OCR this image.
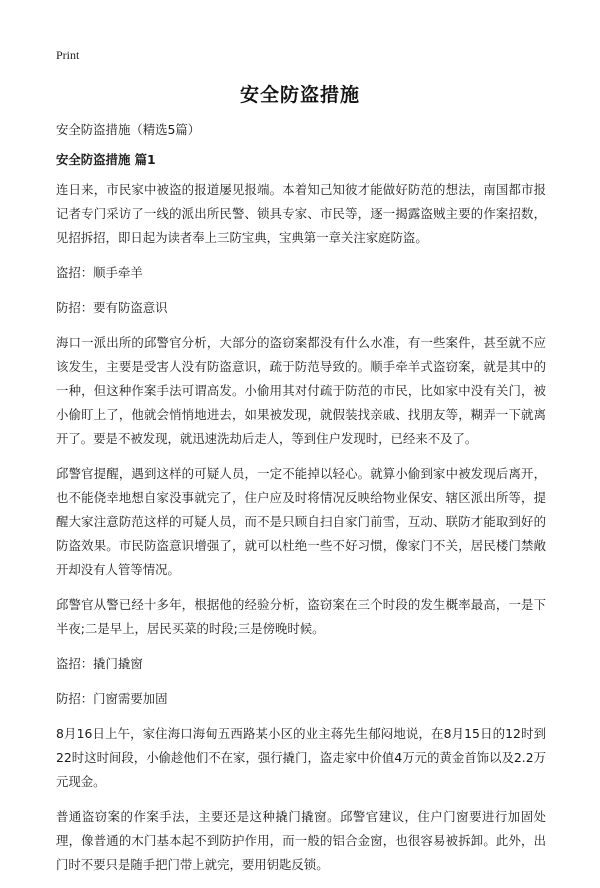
Print
安全防盗措施
安全防盗措施（精选5篇）
安全防盗措施 篇1
连日来，市民家中被盗的报道屡见报端。本着知己知彼才能做好防范的想法，南国都市报记者专门采访了一线的派出所民警、锁具专家、市民等，逐一揭露盗贼主要的作案招数，见招拆招，即日起为读者奉上三防宝典，宝典第一章关注家庭防盗。
盗招：顺手牵羊
防招：要有防盗意识
海口一派出所的邱警官分析，大部分的盗窃案都没有什么水准，有一些案件，甚至就不应该发生，主要是受害人没有防盗意识，疏于防范导致的。顺手牵羊式盗窃案，就是其中的一种，但这种作案手法可谓高发。小偷用其对付疏于防范的市民，比如家中没有关门，被小偷盯上了，他就会悄悄地进去，如果被发现，就假装找亲戚、找朋友等，糊弄一下就离开了。要是不被发现，就迅速洗劫后走人，等到住户发现时，已经来不及了。
邱警官提醒，遇到这样的可疑人员，一定不能掉以轻心。就算小偷到家中被发现后离开，也不能侥幸地想自家没事就完了，住户应及时将情况反映给物业保安、辖区派出所等，提醒大家注意防范这样的可疑人员，而不是只顾自扫自家门前雪，互动、联防才能取到好的防盗效果。市民防盗意识增强了，就可以杜绝一些不好习惯，像家门不关，居民楼门禁敞开却没有人管等情况。
邱警官从警已经十多年，根据他的经验分析，盗窃案在三个时段的发生概率最高，一是下半夜;二是早上，居民买菜的时段;三是傍晚时候。
盗招：撬门撬窗
防招：门窗需要加固
8月16日上午，家住海口海甸五西路某小区的业主蒋先生郁闷地说，在8月15日的12时到22时这时间段，小偷趁他们不在家，强行撬门，盗走家中价值4万元的黄金首饰以及2.2万元现金。
普通盗窃案的作案手法，主要还是这种撬门撬窗。邱警官建议，住户门窗要进行加固处理，像普通的木门基本起不到防护作用，而一般的铝合金窗，也很容易被拆卸。此外，出门时不要只是随手把门带上就完，要用钥匙反锁。
